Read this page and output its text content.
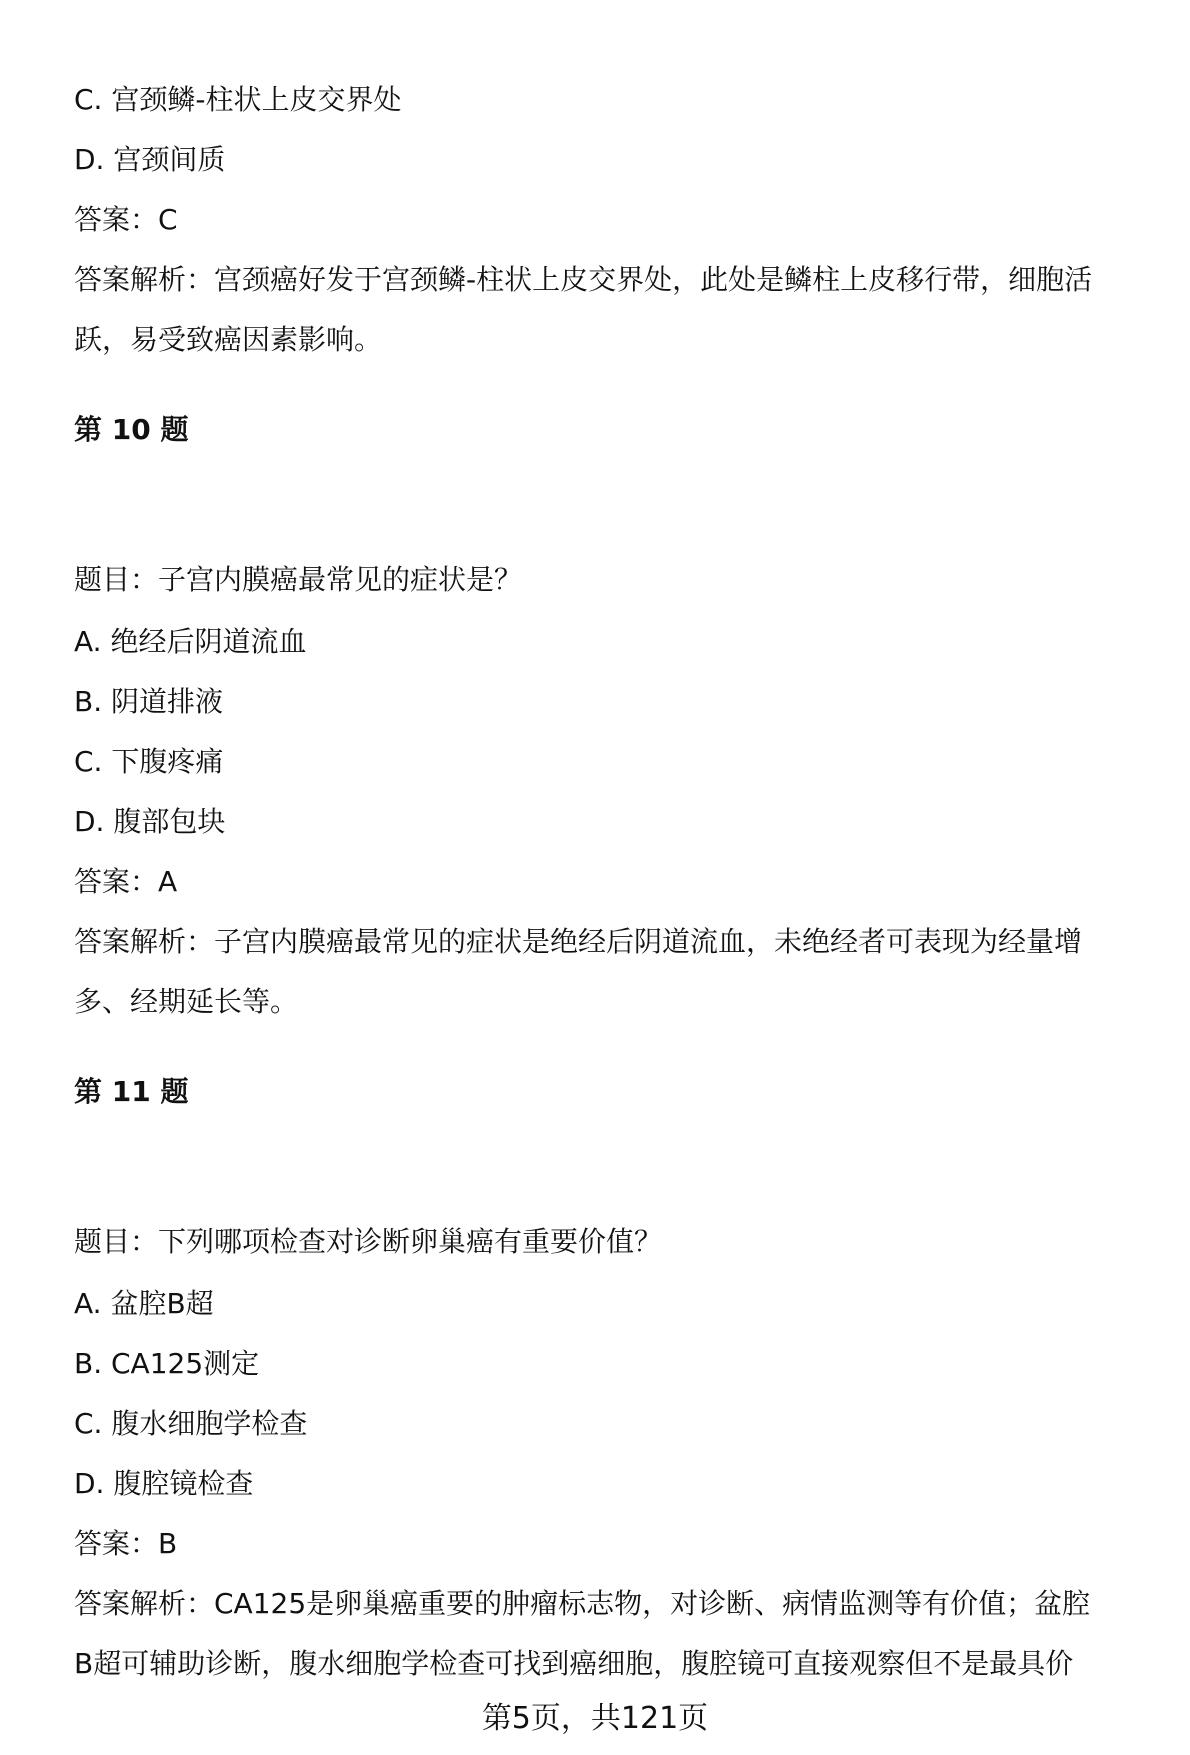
C. 宫颈鳞-柱状上皮交界处

D. 宫颈间质

答案：C

答案解析：宫颈癌好发于宫颈鳞-柱状上皮交界处，此处是鳞柱上皮移行带，细胞活

跃，易受致癌因素影响。

第 10 题

题目：子宫内膜癌最常见的症状是？

A. 绝经后阴道流血

B. 阴道排液

C. 下腹疼痛

D. 腹部包块

答案：A

答案解析：子宫内膜癌最常见的症状是绝经后阴道流血，未绝经者可表现为经量增

多、经期延长等。

第 11 题

题目：下列哪项检查对诊断卵巢癌有重要价值？

A. 盆腔B超

B. CA125测定

C. 腹水细胞学检查

D. 腹腔镜检查

答案：B

答案解析：CA125是卵巢癌重要的肿瘤标志物，对诊断、病情监测等有价值；盆腔

B超可辅助诊断，腹水细胞学检查可找到癌细胞，腹腔镜可直接观察但不是最具价

第5页，共121页
